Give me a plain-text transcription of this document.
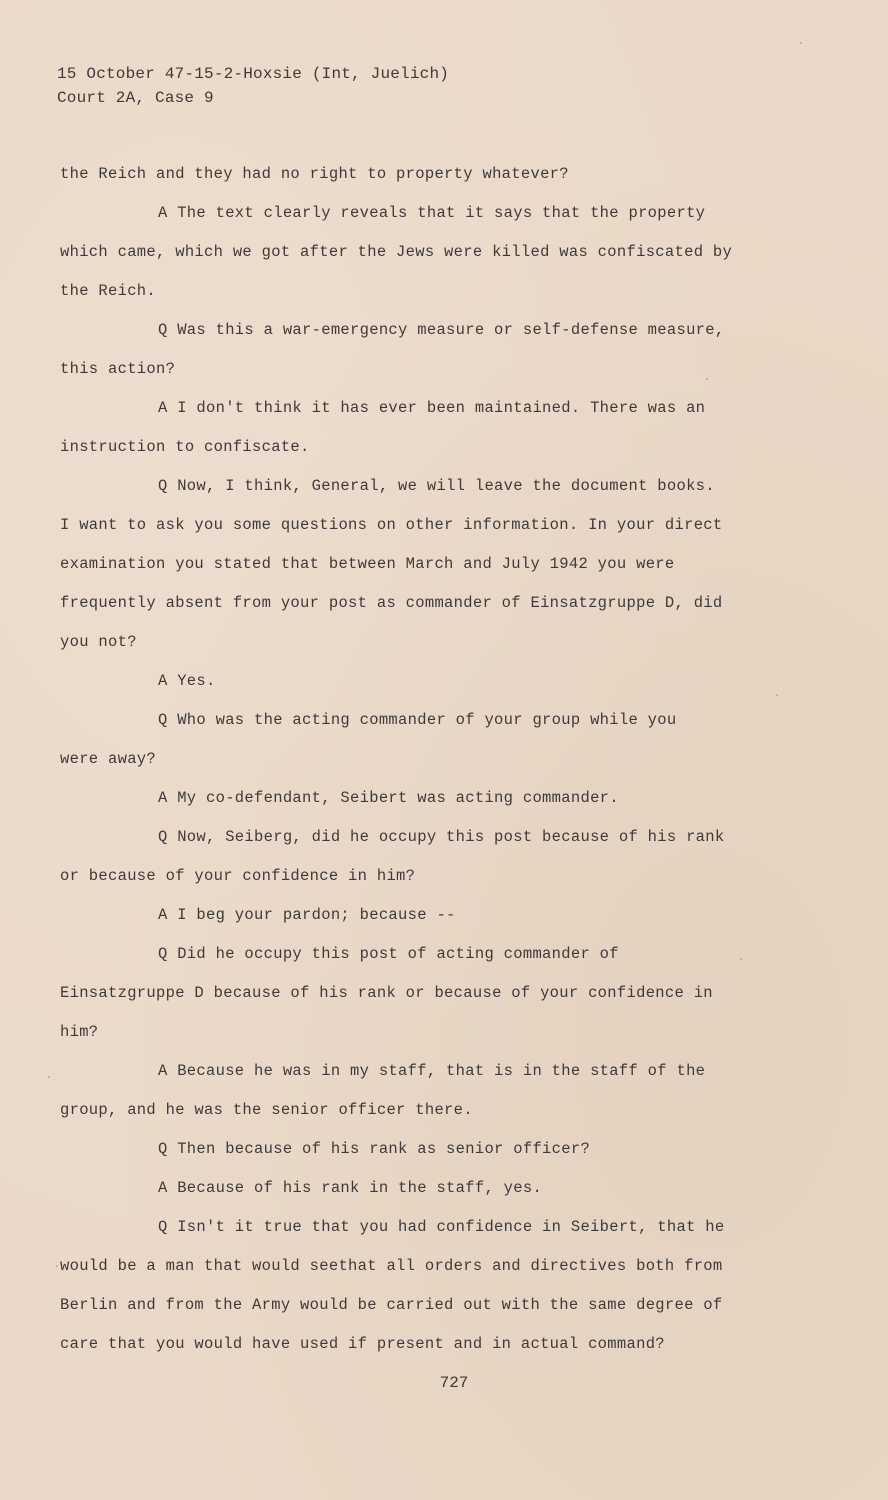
15 October 47-15-2-Hoxsie (Int, Juelich)
Court 2A, Case 9
the Reich and they had no right to property whatever?
A The text clearly reveals that it says that the property
which came, which we got after the Jews were killed was confiscated by
the Reich.
Q Was this a war-emergency measure or self-defense measure,
this action?
A I don't think it has ever been maintained. There was an
instruction to confiscate.
Q Now, I think, General, we will leave the document books.
I want to ask you some questions on other information. In your direct
examination you stated that between March and July 1942 you were
frequently absent from your post as commander of Einsatzgruppe D, did
you not?
A Yes.
Q Who was the acting commander of your group while you
were away?
A My co-defendant, Seibert was acting commander.
Q Now, Seiberg, did he occupy this post because of his rank
or because of your confidence in him?
A I beg your pardon; because --
Q Did he occupy this post of acting commander of
Einsatzgruppe D because of his rank or because of your confidence in
him?
A Because he was in my staff, that is in the staff of the
group, and he was the senior officer there.
Q Then because of his rank as senior officer?
A Because of his rank in the staff, yes.
Q Isn't it true that you had confidence in Seibert, that he
would be a man that would seethat all orders and directives both from
Berlin and from the Army would be carried out with the same degree of
care that you would have used if present and in actual command?
727
